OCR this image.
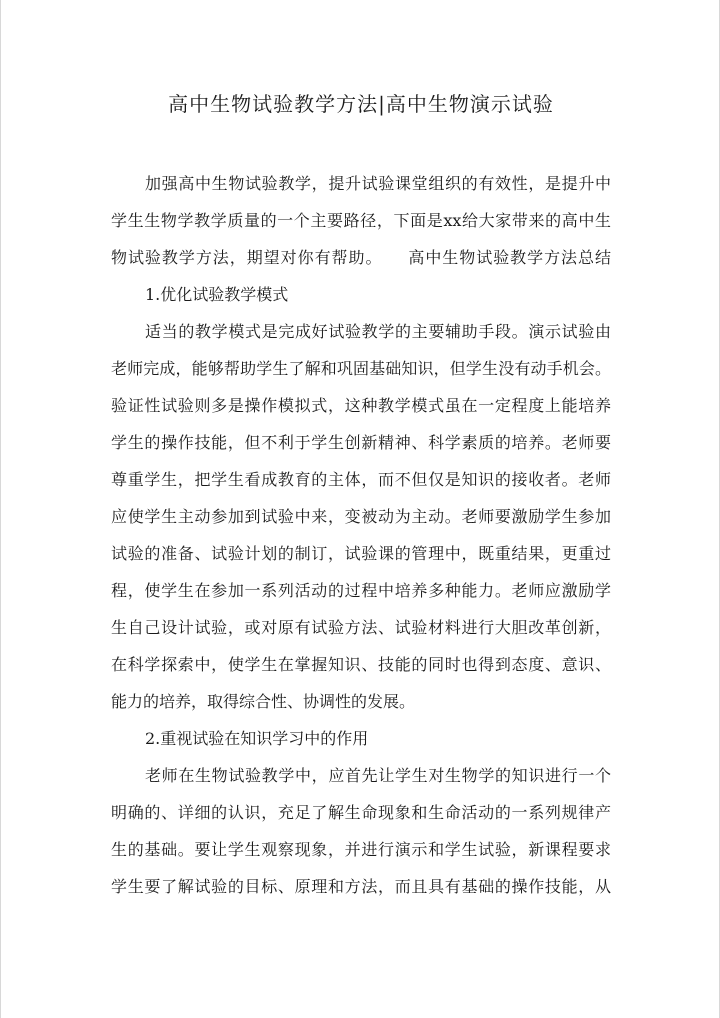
高中生物试验教学方法|高中生物演示试验
加强高中生物试验教学，提升试验课堂组织的有效性，是提升中
学生生物学教学质量的一个主要路径，下面是xx给大家带来的高中生
物试验教学方法，期望对你有帮助。　　高中生物试验教学方法总结
1.优化试验教学模式
适当的教学模式是完成好试验教学的主要辅助手段。演示试验由
老师完成，能够帮助学生了解和巩固基础知识，但学生没有动手机会。
验证性试验则多是操作模拟式，这种教学模式虽在一定程度上能培养
学生的操作技能，但不利于学生创新精神、科学素质的培养。老师要
尊重学生，把学生看成教育的主体，而不但仅是知识的接收者。老师
应使学生主动参加到试验中来，变被动为主动。老师要激励学生参加
试验的准备、试验计划的制订，试验课的管理中，既重结果，更重过
程，使学生在参加一系列活动的过程中培养多种能力。老师应激励学
生自己设计试验，或对原有试验方法、试验材料进行大胆改革创新，
在科学探索中，使学生在掌握知识、技能的同时也得到态度、意识、
能力的培养，取得综合性、协调性的发展。
2.重视试验在知识学习中的作用
老师在生物试验教学中，应首先让学生对生物学的知识进行一个
明确的、详细的认识，充足了解生命现象和生命活动的一系列规律产
生的基础。要让学生观察现象，并进行演示和学生试验，新课程要求
学生要了解试验的目标、原理和方法，而且具有基础的操作技能，从
